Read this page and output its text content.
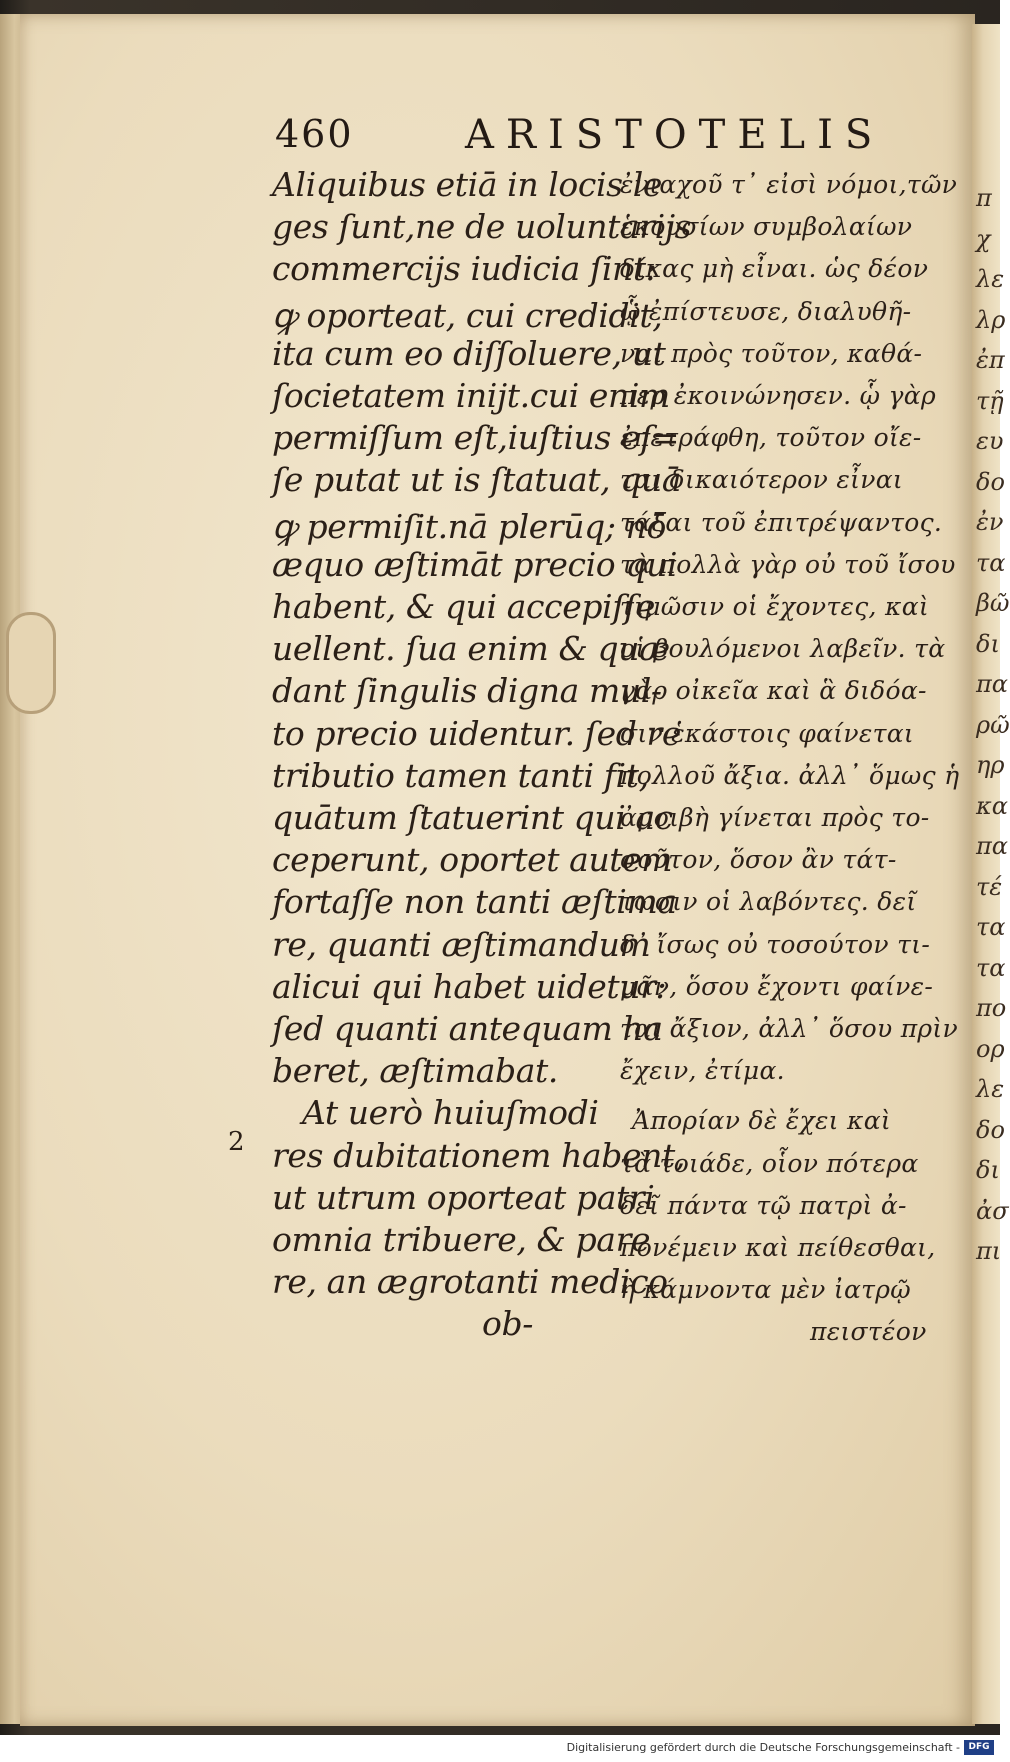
π
χ
λε
λρ
ἐπ
τῇ
ευ
δο
ἐν
τα
βῶ
δι
πα
ρῶ
ηρ
κα
πα
τέ
τα
τα
πο
ορ
λε
δο
δι
ἀσ
πι
460	ARISTOTELIS
Aliquibus etiā in locis le
ges ſunt,ne de uoluntarijs
commercijs iudicia ſint:
ꝙ oporteat, cui credidit,
ita cum eo diſſoluere, ut
ſocietatem inijt.cui enim
permiſſum eſt,iuſtius eſ=
ſe putat ut is ſtatuat, quā
ꝙ permiſit.nā plerūq; nō
æquo æſtimāt precio qui
habent, & qui accepiſſe
uellent. ſua enim & quæ
dant ſingulis digna mul-
to precio uidentur. ſed re
tributio tamen tanti fit,
quātum ſtatuerint qui ac
ceperunt, oportet autem
fortaſſe non tanti æſtima
re, quanti æſtimandum
alicui qui habet uidetur:
ſed quanti antequam ha
beret, æſtimabat.
At uerò huiuſmodi
res dubitationem habent,
ut utrum oporteat patri
omnia tribuere, & pare
re, an ægrotanti medico
ob-
ἐνιαχοῦ τ᾽ εἰσὶ νόμοι,τῶν
ἑκουσίων συμβολαίων
δίκας μὴ εἶναι. ὡς δέον
ᾧ ἐπίστευσε, διαλυθῆ-
ναι πρὸς τοῦτον, καθά-
περ ἐκοινώνησεν. ᾧ γὰρ
ἐπετράφθη, τοῦτον οἴε-
ται δικαιότερον εἶναι
τάξαι τοῦ ἐπιτρέψαντος.
τὰ πολλὰ γὰρ οὐ τοῦ ἴσου
τιμῶσιν οἱ ἔχοντες, καὶ
οἱ βουλόμενοι λαβεῖν. τὰ
γὰρ οἰκεῖα καὶ ἃ διδόα-
σιν ἑκάστοις φαίνεται
πολλοῦ ἄξια. ἀλλ᾽ ὅμως ἡ
ἀμοιβὴ γίνεται πρὸς το-
σοῦτον, ὅσον ἂν τάτ-
τωσιν οἱ λαβόντες. δεῖ
δ᾽ ἴσως οὐ τοσούτον τι-
μᾶν, ὅσου ἔχοντι φαίνε-
ται ἄξιον, ἀλλ᾽ ὅσου πρὶν
ἔχειν, ἐτίμα.
Ἀπορίαν δὲ ἔχει καὶ
τὰ τοιάδε, οἷον πότερα
δεῖ πάντα τῷ πατρὶ ἀ-
πονέμειν καὶ πείθεσθαι,
ἢ κάμνοντα μὲν ἰατρῷ
πειστέον
2
Digitalisierung gefördert durch die Deutsche Forschungsgemeinschaft - DFG
